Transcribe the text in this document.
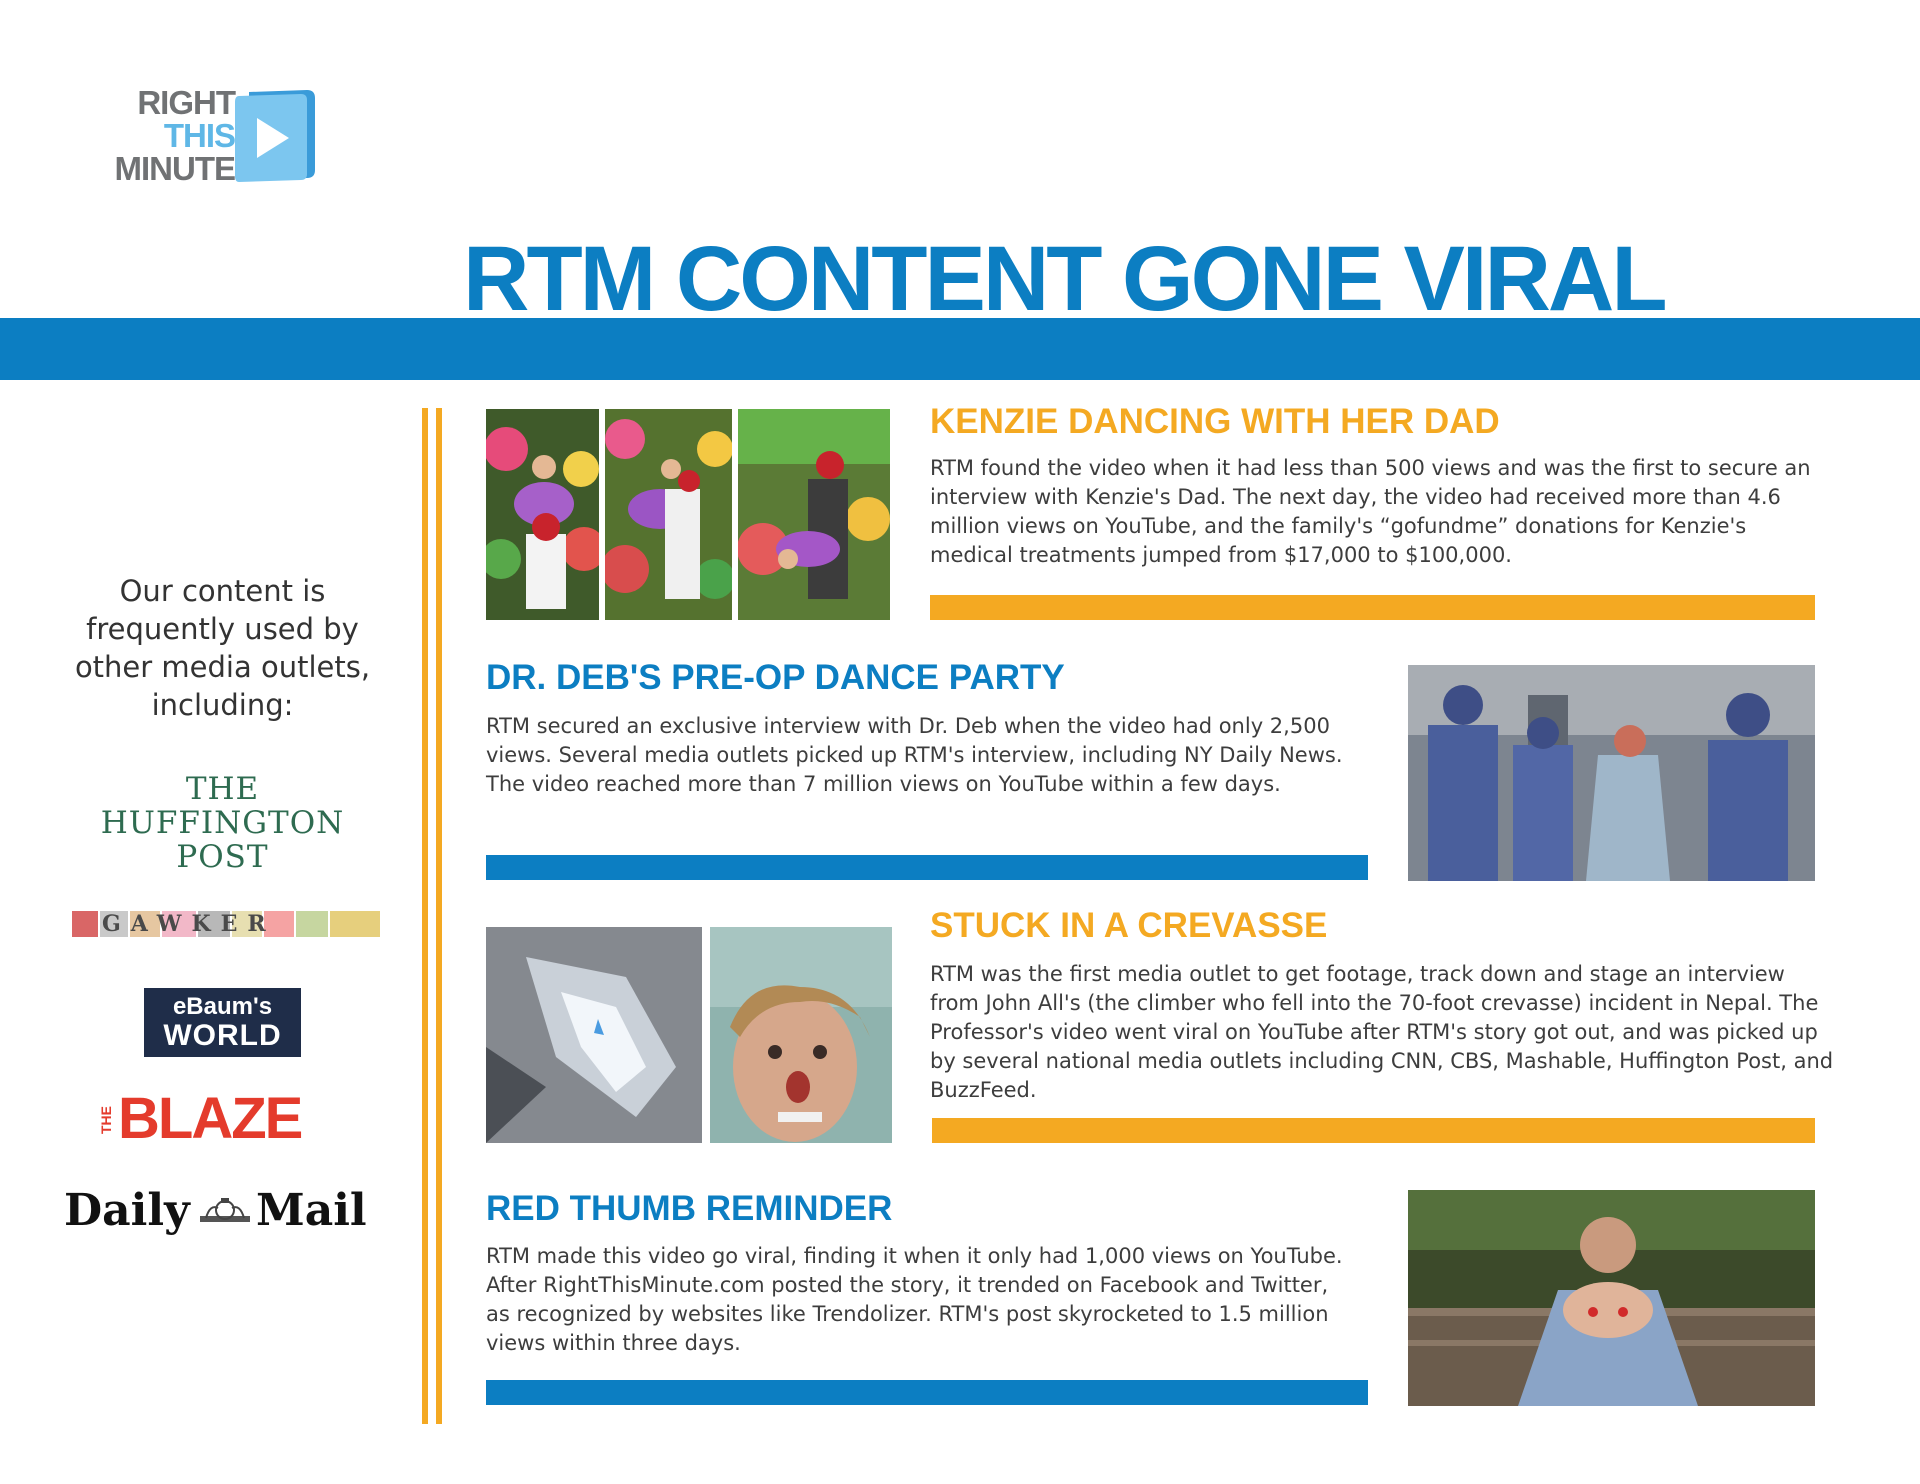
RIGHT
THIS
MINUTE
RTM CONTENT GONE VIRAL
Our content is frequently used by other media outlets, including:
THE
HUFFINGTON
POST
GAWKER
eBaum's
WORLD
THE BLAZE
Daily Mail
KENZIE DANCING WITH HER DAD
RTM found the video when it had less than 500 views and was the first to secure an interview with Kenzie's Dad. The next day, the video had received more than 4.6 million views on YouTube, and the family's “gofundme” donations for Kenzie's medical treatments jumped from $17,000 to $100,000.
DR. DEB'S PRE-OP DANCE PARTY
RTM secured an exclusive interview with Dr. Deb when the video had only 2,500 views. Several media outlets picked up RTM's interview, including NY Daily News. The video reached more than 7 million views on YouTube within a few days.
STUCK IN A CREVASSE
RTM was the first media outlet to get footage, track down and stage an interview from John All's (the climber who fell into the 70-foot crevasse) incident in Nepal. The Professor's video went viral on YouTube after RTM's story got out, and was picked up by several national media outlets including CNN, CBS, Mashable, Huffington Post, and BuzzFeed.
RED THUMB REMINDER
RTM made this video go viral, finding it when it only had 1,000 views on YouTube. After RightThisMinute.com posted the story, it trended on Facebook and Twitter, as recognized by websites like Trendolizer. RTM's post skyrocketed to 1.5 million views within three days.
